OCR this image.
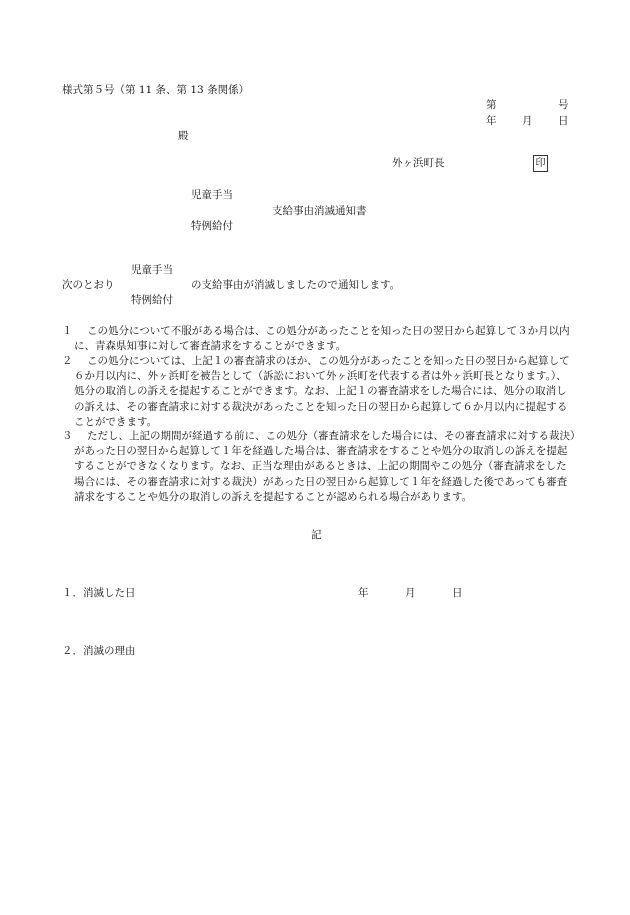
様式第５号（第 11 条、第 13 条関係）
第	号
年 月 日
殿
外ヶ浜町長	印
児童手当
支給事由消滅通知書
特例給付
児童手当
次のとおり	の支給事由が消滅しましたので通知します。
特例給付
１	この処分について不服がある場合は、この処分があったことを知った日の翌日から起算して３か月以内に、青森県知事に対して審査請求をすることができます。
２	この処分については、上記１の審査請求のほか、この処分があったことを知った日の翌日から起算して６か月以内に、外ヶ浜町を被告として（訴訟において外ヶ浜町を代表する者は外ヶ浜町長となります。）、処分の取消しの訴えを提起することができます。なお、上記１の審査請求をした場合には、処分の取消しの訴えは、その審査請求に対する裁決があったことを知った日の翌日から起算して６か月以内に提起することができます。
３	ただし、上記の期間が経過する前に、この処分（審査請求をした場合には、その審査請求に対する裁決）があった日の翌日から起算して１年を経過した場合は、審査請求をすることや処分の取消しの訴えを提起することができなくなります。なお、正当な理由があるときは、上記の期間やこの処分（審査請求をした場合には、その審査請求に対する裁決）があった日の翌日から起算して１年を経過した後であっても審査請求をすることや処分の取消しの訴えを提起することが認められる場合があります。
記
１．消滅した日	年	月	日
２．消滅の理由
